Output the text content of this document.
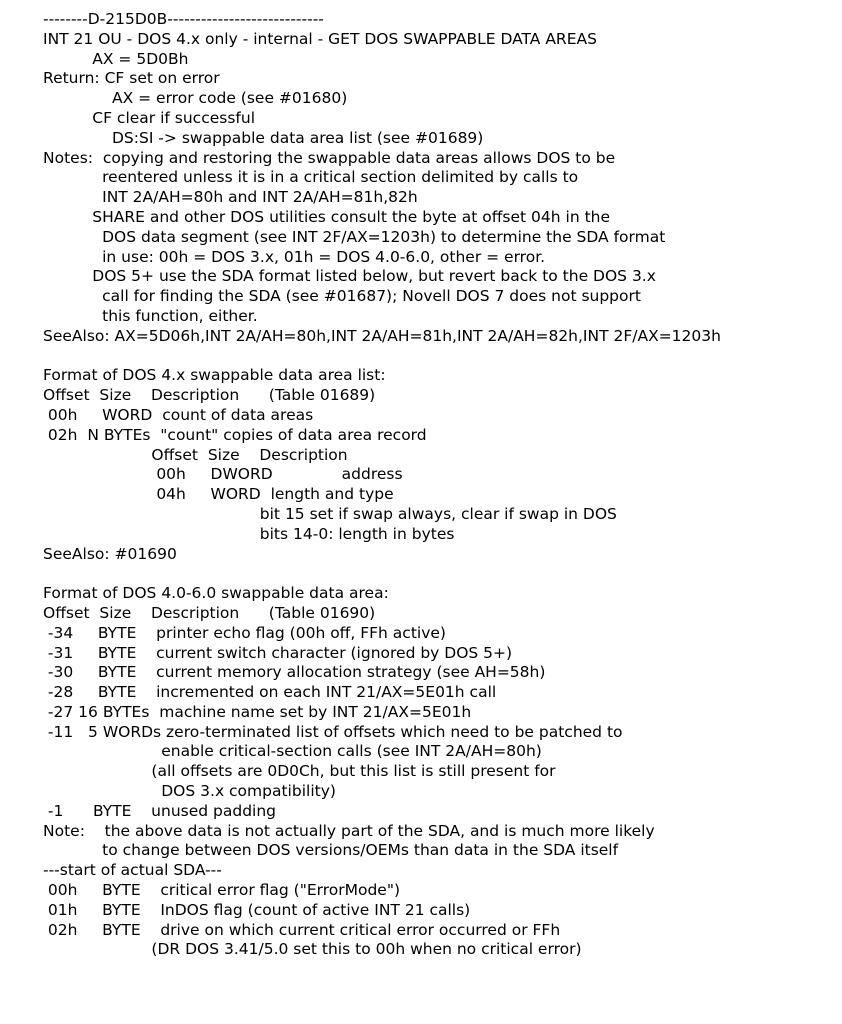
--------D-215D0B----------------------------
INT 21 OU - DOS 4.x only - internal - GET DOS SWAPPABLE DATA AREAS
AX = 5D0Bh
Return: CF set on error
AX = error code (see #01680)
CF clear if successful
DS:SI -> swappable data area list (see #01689)
Notes:  copying and restoring the swappable data areas allows DOS to be
reentered unless it is in a critical section delimited by calls to
INT 2A/AH=80h and INT 2A/AH=81h,82h
SHARE and other DOS utilities consult the byte at offset 04h in the
DOS data segment (see INT 2F/AX=1203h) to determine the SDA format
in use: 00h = DOS 3.x, 01h = DOS 4.0-6.0, other = error.
DOS 5+ use the SDA format listed below, but revert back to the DOS 3.x
call for finding the SDA (see #01687); Novell DOS 7 does not support
this function, either.
SeeAlso: AX=5D06h,INT 2A/AH=80h,INT 2A/AH=81h,INT 2A/AH=82h,INT 2F/AX=1203h
Format of DOS 4.x swappable data area list:
Offset  Size    Description      (Table 01689)
00h     WORD  count of data areas
02h  N BYTEs  "count" copies of data area record
Offset  Size    Description
00h     DWORD              address
04h     WORD  length and type
bit 15 set if swap always, clear if swap in DOS
bits 14-0: length in bytes
SeeAlso: #01690
Format of DOS 4.0-6.0 swappable data area:
Offset  Size    Description      (Table 01690)
-34     BYTE    printer echo flag (00h off, FFh active)
-31     BYTE    current switch character (ignored by DOS 5+)
-30     BYTE    current memory allocation strategy (see AH=58h)
-28     BYTE    incremented on each INT 21/AX=5E01h call
-27 16 BYTEs  machine name set by INT 21/AX=5E01h
-11   5 WORDs zero-terminated list of offsets which need to be patched to
enable critical-section calls (see INT 2A/AH=80h)
(all offsets are 0D0Ch, but this list is still present for
DOS 3.x compatibility)
-1      BYTE    unused padding
Note:    the above data is not actually part of the SDA, and is much more likely
to change between DOS versions/OEMs than data in the SDA itself
---start of actual SDA---
00h     BYTE    critical error flag ("ErrorMode")
01h     BYTE    InDOS flag (count of active INT 21 calls)
02h     BYTE    drive on which current critical error occurred or FFh
(DR DOS 3.41/5.0 set this to 00h when no critical error)
